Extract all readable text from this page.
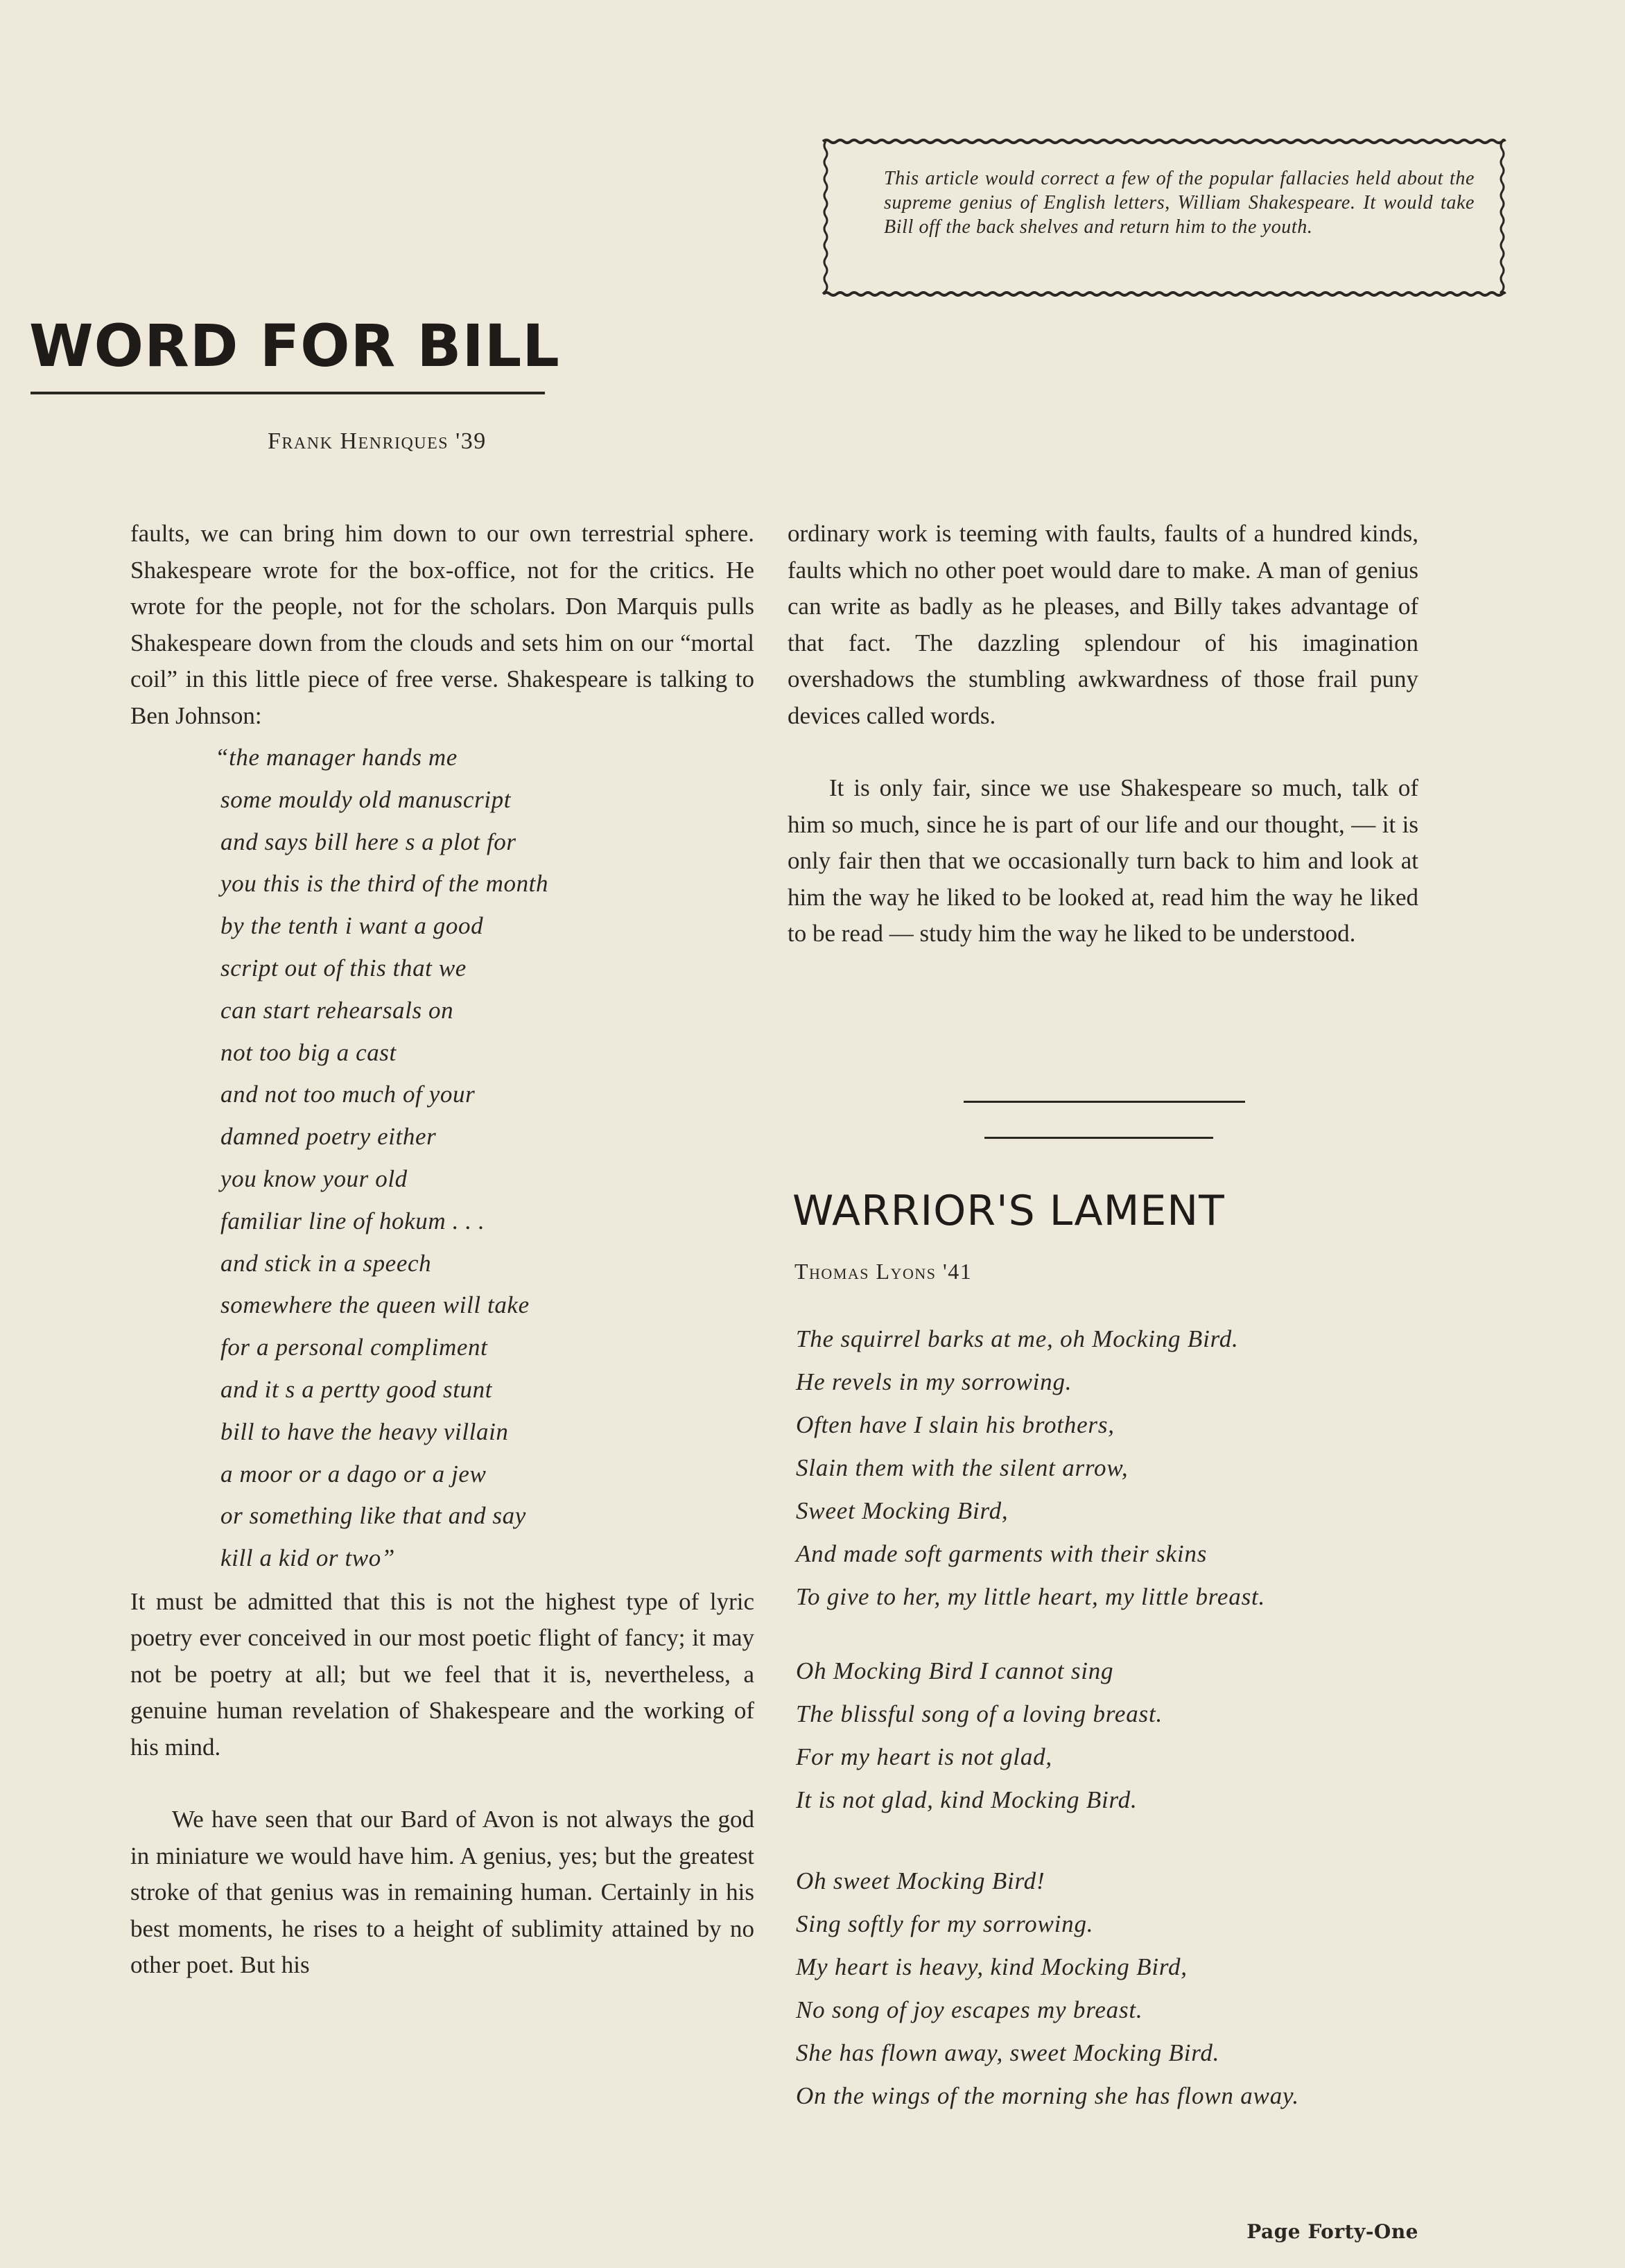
This article would correct a few of the popular fallacies held about the supreme genius of English letters, William Shakespeare. It would take Bill off the back shelves and return him to the youth.
WORD FOR BILL
Frank Henriques '39

faults, we can bring him down to our own terrestrial sphere. Shakespeare wrote for the box-office, not for the critics. He wrote for the people, not for the scholars. Don Marquis pulls Shakespeare down from the clouds and sets him on our “mortal coil” in this little piece of free verse. Shakespeare is talking to Ben Johnson:

“the manager hands me
some mouldy old manuscript
and says bill here s a plot for
you this is the third of the month
by the tenth i want a good
script out of this that we
can start rehearsals on
not too big a cast
and not too much of your
damned poetry either
you know your old
familiar line of hokum . . .
and stick in a speech
somewhere the queen will take
for a personal compliment
and it s a pertty good stunt
bill to have the heavy villain
a moor or a dago or a jew
or something like that and say
kill a kid or two”

It must be admitted that this is not the highest type of lyric poetry ever conceived in our most poetic flight of fancy; it may not be poetry at all; but we feel that it is, nevertheless, a genuine human revelation of Shakespeare and the working of his mind.

We have seen that our Bard of Avon is not always the god in miniature we would have him. A genius, yes; but the greatest stroke of that genius was in remaining human. Certainly in his best moments, he rises to a height of sublimity attained by no other poet. But his

ordinary work is teeming with faults, faults of a hundred kinds, faults which no other poet would dare to make. A man of genius can write as badly as he pleases, and Billy takes advantage of that fact. The dazzling splendour of his imagination overshadows the stumbling awkwardness of those frail puny devices called words.

It is only fair, since we use Shakespeare so much, talk of him so much, since he is part of our life and our thought, — it is only fair then that we occasionally turn back to him and look at him the way he liked to be looked at, read him the way he liked to be read — study him the way he liked to be understood.

WARRIOR'S LAMENT
Thomas Lyons '41
The squirrel barks at me, oh Mocking Bird.
He revels in my sorrowing.
Often have I slain his brothers,
Slain them with the silent arrow,
Sweet Mocking Bird,
And made soft garments with their skins
To give to her, my little heart, my little breast.
Oh Mocking Bird I cannot sing
The blissful song of a loving breast.
For my heart is not glad,
It is not glad, kind Mocking Bird.
Oh sweet Mocking Bird!
Sing softly for my sorrowing.
My heart is heavy, kind Mocking Bird,
No song of joy escapes my breast.
She has flown away, sweet Mocking Bird.
On the wings of the morning she has flown away.
Page Forty-One
